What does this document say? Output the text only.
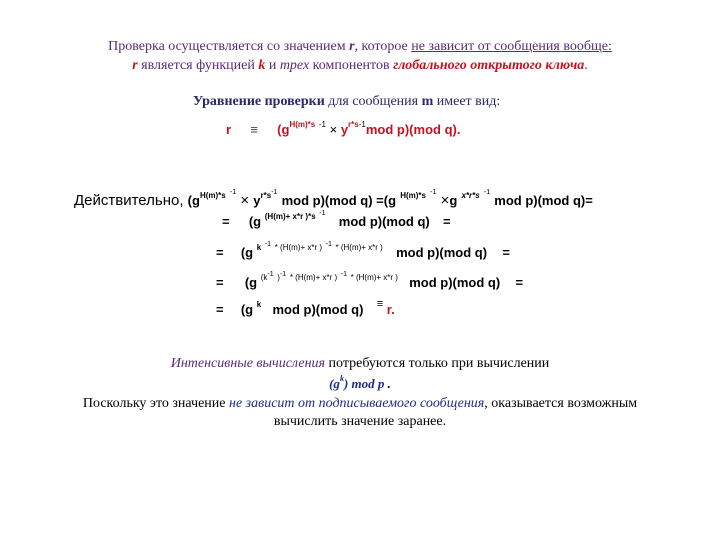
Проверка осуществляется со значением r, которое не зависит от сообщения вообще:
r является функцией k и трех компонентов глобального открытого ключа.
Уравнение проверки для сообщения m имеет вид:
$r \equiv (g^{H(m)*s}$ $^{-1} \times y^{r*s-1}mod$ p)(mod q).
Действительно, ($g^{H(m)*s}$ $^{-1} \times y^{r*s-1}$ mod p)(mod q) =(g $^{H(m)*s}$ $^{-1}$ ×g $^{x*r*s}$ $^{-1}$ mod p)(mod q)=
= (g $^{(H(m)+ x*r )*s}$ $^{-1}$  mod p)(mod q) =
= (g $^k$ $^{-1}$ $^{* (H(m)+ x*r )}$ $^{-1}$ $^{* (H(m)+ x*r )}$ mod p)(mod q) =
= (g $^{(k-1}$ $^{)-1}$ $^{* (H(m)+ x*r )}$ $^{-1}$ $^{* (H(m)+ x*r )}$ mod p)(mod q) =
= (g $^k$ mod p)(mod q) ≡ r.
Интенсивные вычисления потребуются только при вычислении
$(g^k)$ mod p .
Поскольку это значение не зависит от подписываемого сообщения, оказывается возможным
вычислить значение заранее.
